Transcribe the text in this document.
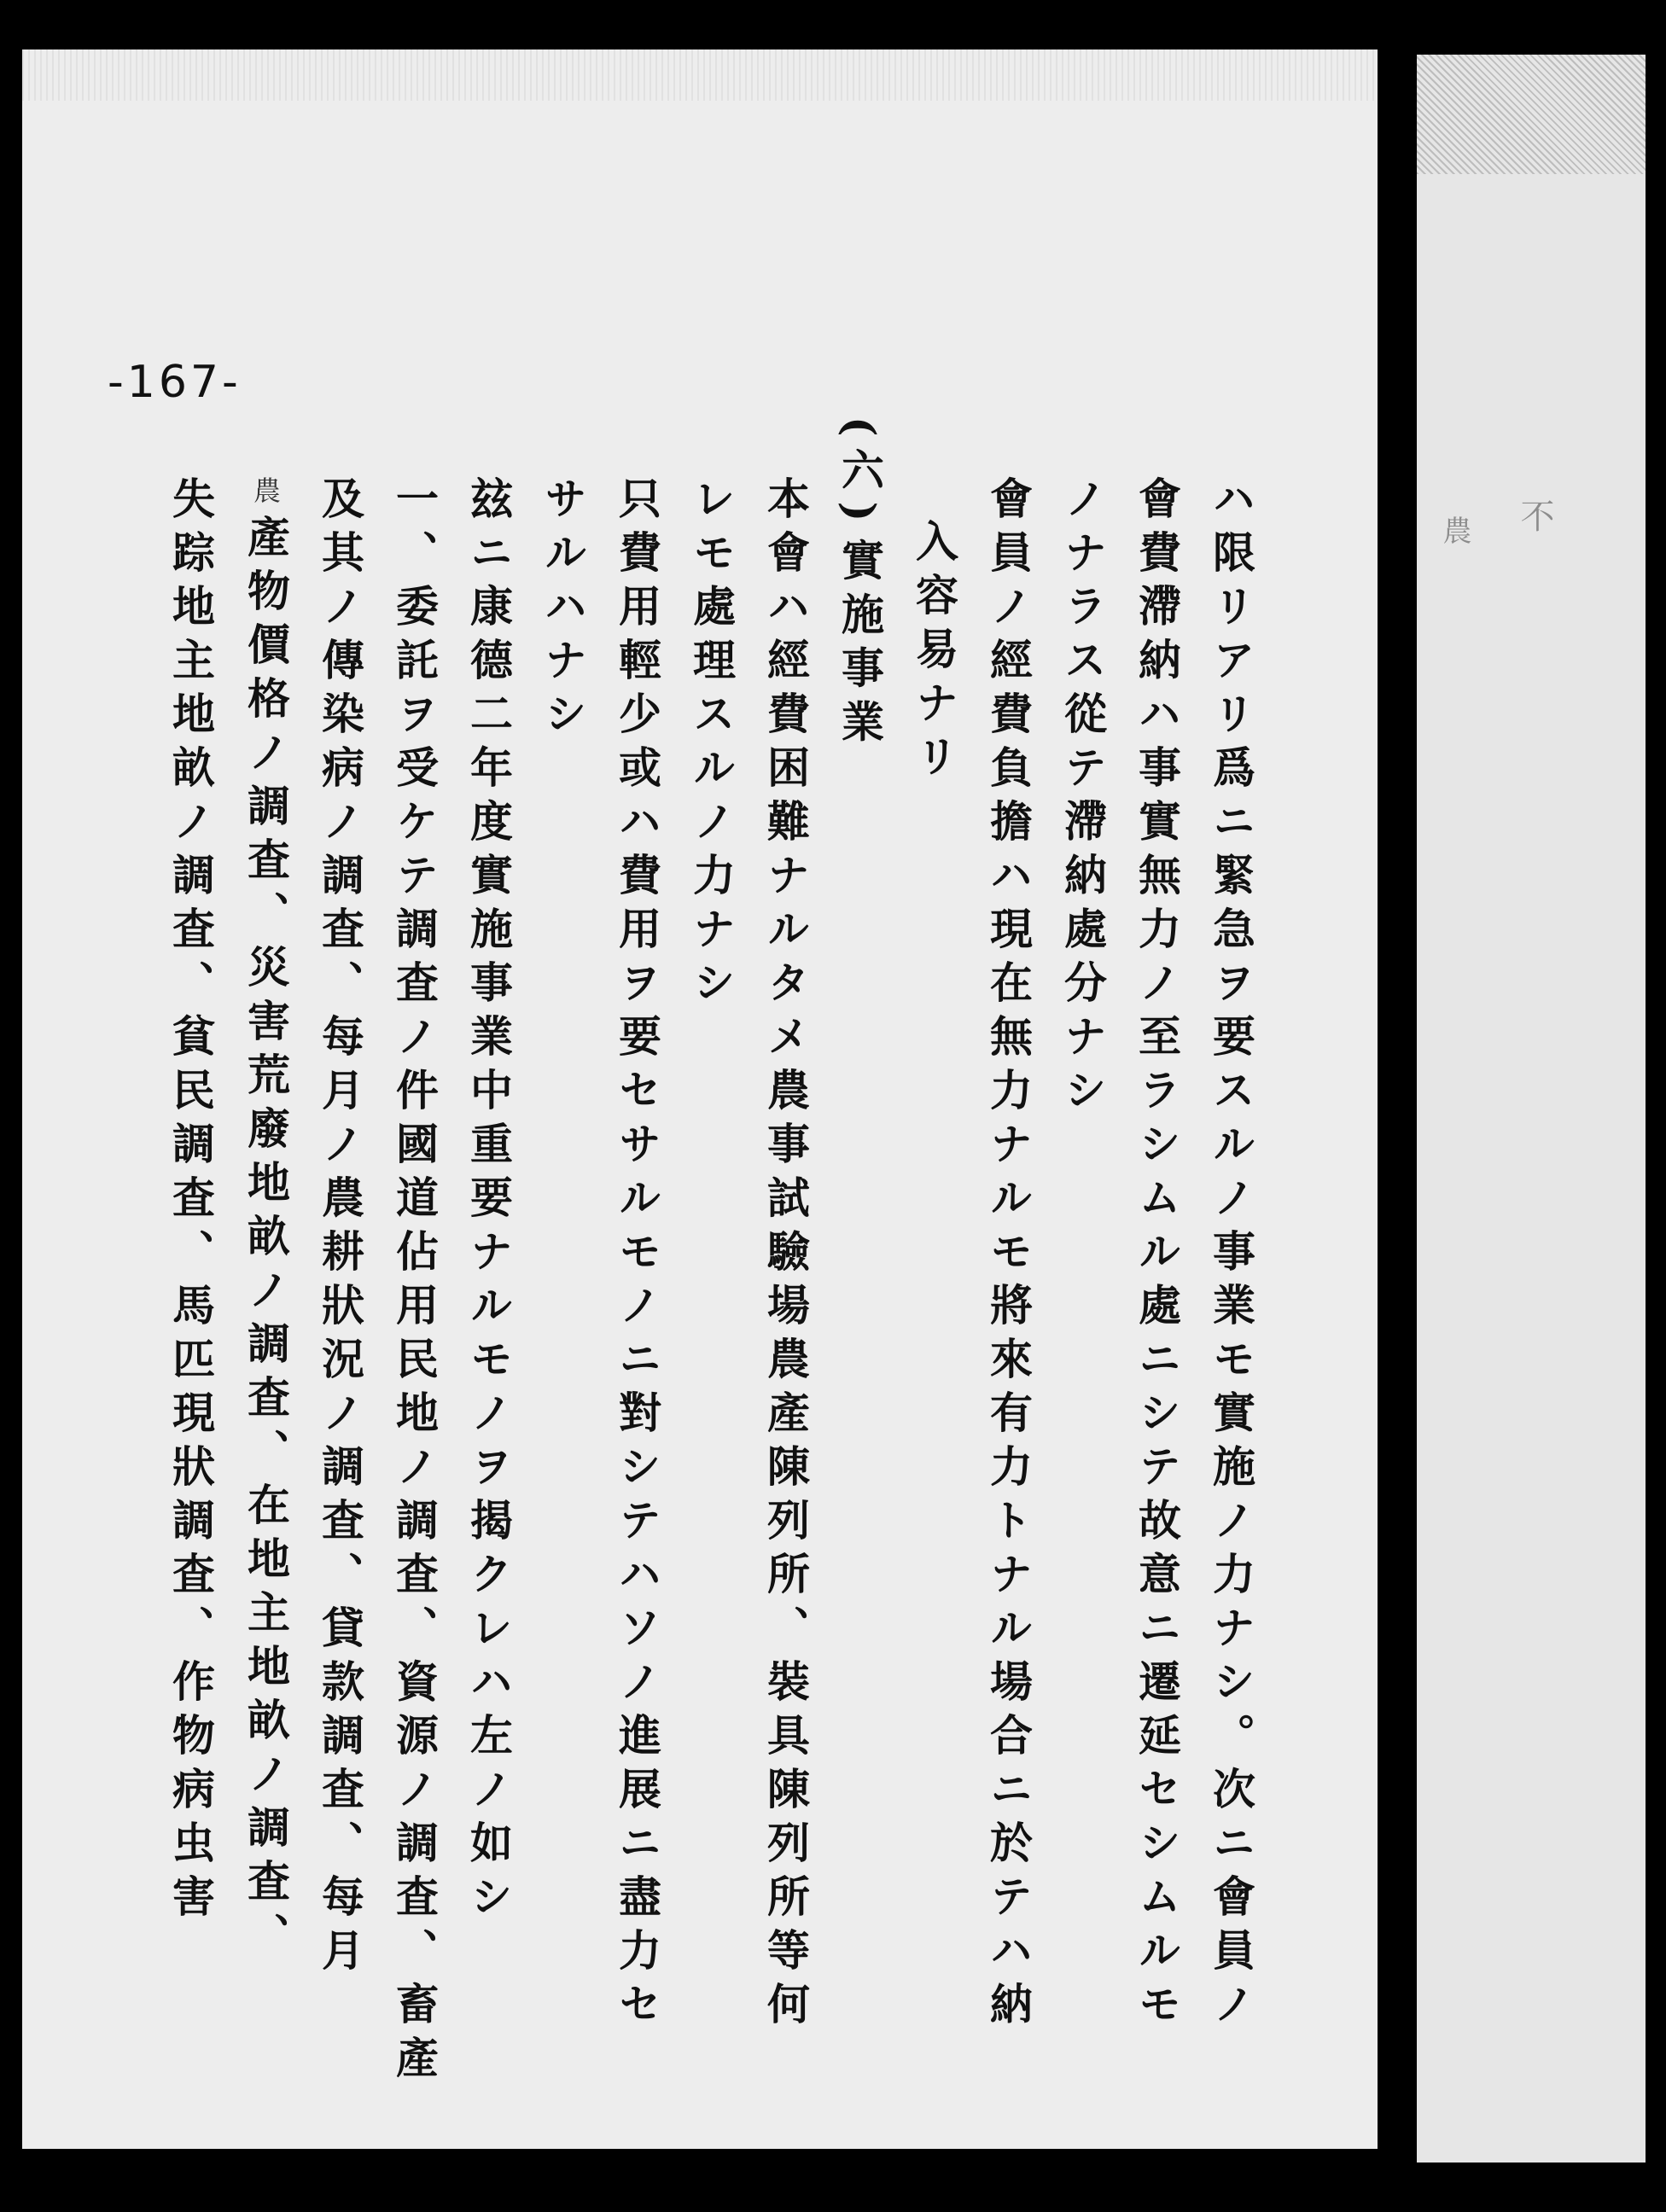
-167-

ハ限リアリ爲ニ緊急ヲ要スルノ事業モ實施ノ力ナシ。次ニ會員ノ

會費滯納ハ事實無力ノ至ラシムル處ニシテ故意ニ遷延セシムルモ

ノナラス從テ滯納處分ナシ

會員ノ經費負擔ハ現在無力ナルモ將來有力トナル場合ニ於テハ納

入容易ナリ

(六)實施事業

本會ハ經費困難ナルタメ農事試驗場農產陳列所、裝具陳列所等何

レモ處理スルノ力ナシ

只費用輕少或ハ費用ヲ要セサルモノニ對シテハソノ進展ニ盡力セ

サルハナシ

玆ニ康德二年度實施事業中重要ナルモノヲ揭クレハ左ノ如シ

一、委託ヲ受ケテ調査ノ件國道佔用民地ノ調査、資源ノ調査、畜產

及其ノ傳染病ノ調査、每月ノ農耕狀況ノ調査、貸款調査、每月

農產物價格ノ調査、災害荒廢地畝ノ調査、在地主地畝ノ調査、

失踪地主地畝ノ調査、貧民調査、馬匹現狀調査、作物病虫害	不
農
